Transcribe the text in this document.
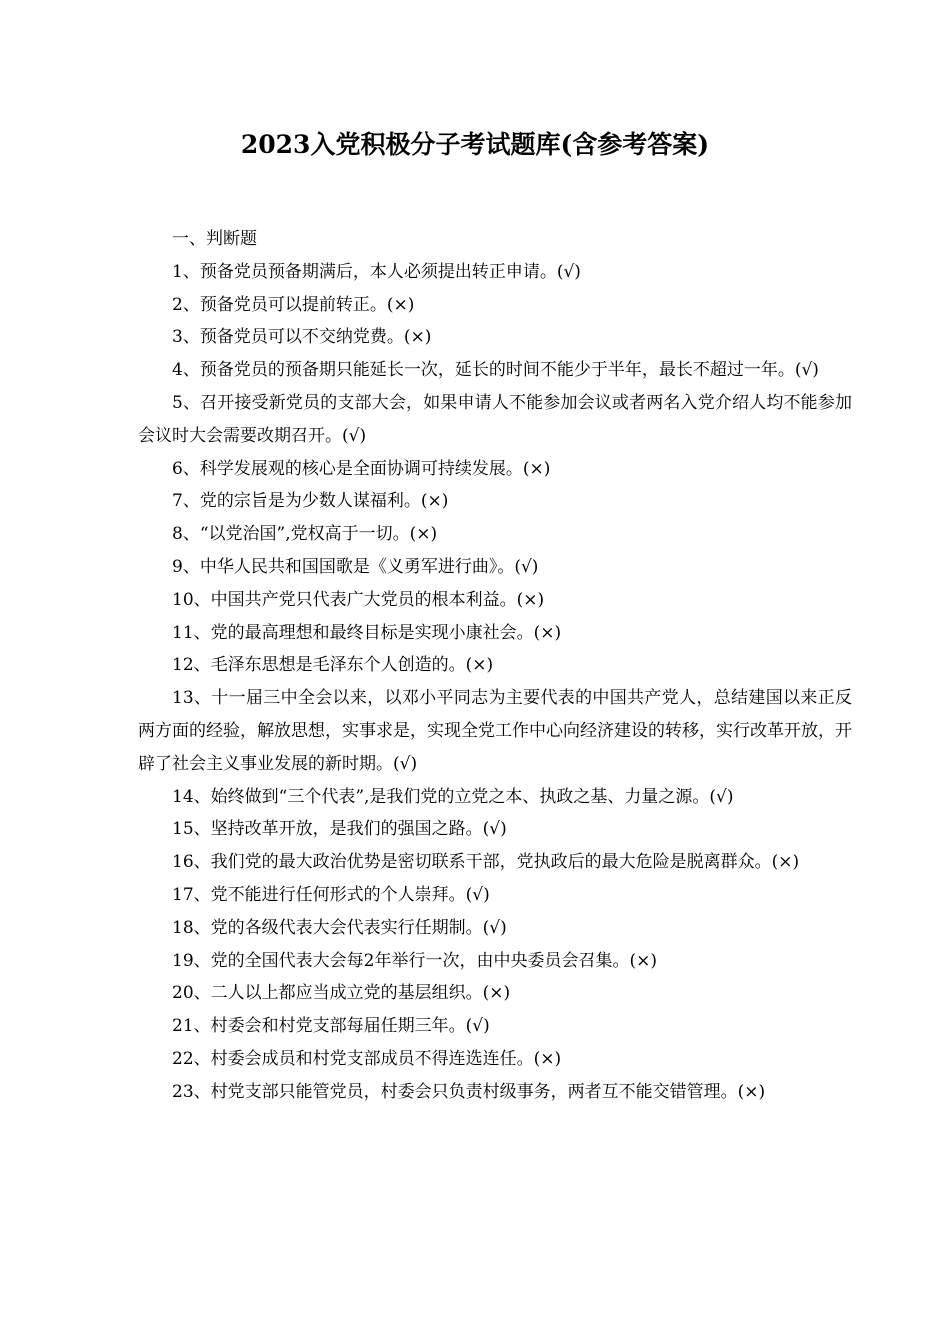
2023入党积极分子考试题库(含参考答案)

一、判断题

1、预备党员预备期满后，本人必须提出转正申请。(√)

2、预备党员可以提前转正。(×)

3、预备党员可以不交纳党费。(×)

4、预备党员的预备期只能延长一次，延长的时间不能少于半年，最长不超过一年。(√)

5、召开接受新党员的支部大会，如果申请人不能参加会议或者两名入党介绍人均不能参加会议时大会需要改期召开。(√)

6、科学发展观的核心是全面协调可持续发展。(×)

7、党的宗旨是为少数人谋福利。(×)

8、“以党治国”,党权高于一切。(×)

9、中华人民共和国国歌是《义勇军进行曲》。(√)

10、中国共产党只代表广大党员的根本利益。(×)

11、党的最高理想和最终目标是实现小康社会。(×)

12、毛泽东思想是毛泽东个人创造的。(×)

13、十一届三中全会以来，以邓小平同志为主要代表的中国共产党人，总结建国以来正反两方面的经验，解放思想，实事求是，实现全党工作中心向经济建设的转移，实行改革开放，开辟了社会主义事业发展的新时期。(√)

14、始终做到“三个代表”,是我们党的立党之本、执政之基、力量之源。(√)

15、坚持改革开放，是我们的强国之路。(√)

16、我们党的最大政治优势是密切联系干部，党执政后的最大危险是脱离群众。(×)

17、党不能进行任何形式的个人崇拜。(√)

18、党的各级代表大会代表实行任期制。(√)

19、党的全国代表大会每2年举行一次，由中央委员会召集。(×)

20、二人以上都应当成立党的基层组织。(×)

21、村委会和村党支部每届任期三年。(√)

22、村委会成员和村党支部成员不得连选连任。(×)

23、村党支部只能管党员，村委会只负责村级事务，两者互不能交错管理。(×)
